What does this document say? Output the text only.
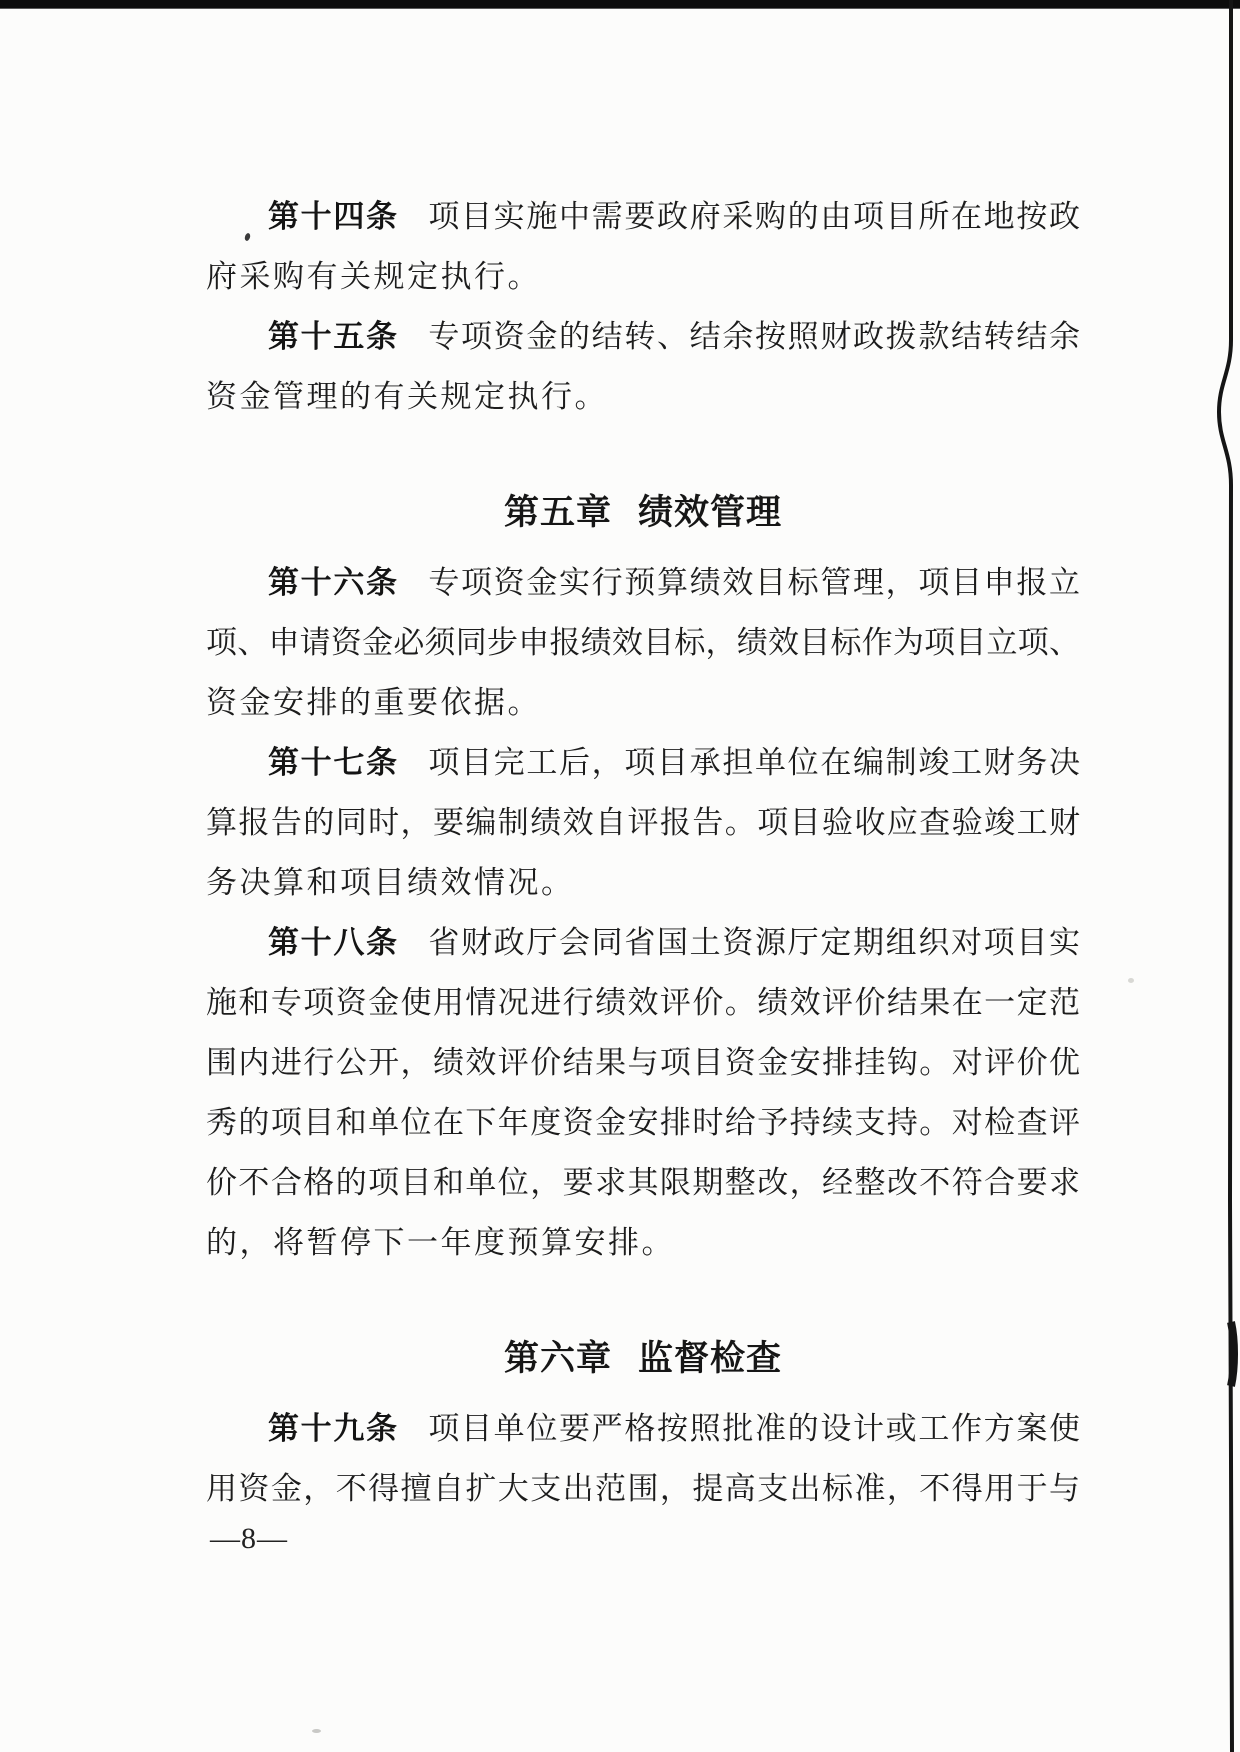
第十四条 项目实施中需要政府采购的由项目所在地按政
府采购有关规定执行。
第十五条 专项资金的结转、结余按照财政拨款结转结余
资金管理的有关规定执行。
第五章 绩效管理
第十六条 专项资金实行预算绩效目标管理，项目申报立
项、申请资金必须同步申报绩效目标，绩效目标作为项目立项、
资金安排的重要依据。
第十七条 项目完工后，项目承担单位在编制竣工财务决
算报告的同时，要编制绩效自评报告。项目验收应查验竣工财
务决算和项目绩效情况。
第十八条 省财政厅会同省国土资源厅定期组织对项目实
施和专项资金使用情况进行绩效评价。绩效评价结果在一定范
围内进行公开，绩效评价结果与项目资金安排挂钩。对评价优
秀的项目和单位在下年度资金安排时给予持续支持。对检查评
价不合格的项目和单位，要求其限期整改，经整改不符合要求
的，将暂停下一年度预算安排。
第六章 监督检查
第十九条 项目单位要严格按照批准的设计或工作方案使
用资金，不得擅自扩大支出范围，提高支出标准，不得用于与
—8—
